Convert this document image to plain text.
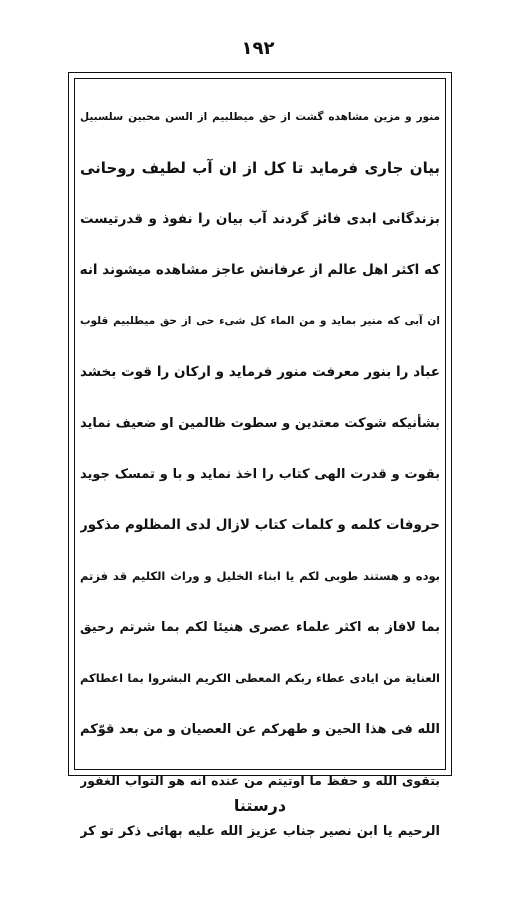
۱۹۲
منور و مزین مشاهده گشت از حق میطلبیم از السن محبین سلسبیل
بیان جاری فرماید تا کل از ان آب لطیف روحانی
بزندگانی ابدی فائز گردند آب بیان را نفوذ و قدرتیست
که اکثر اهل عالم از عرفانش عاجز مشاهده میشوند انه
ان آبی که منیر بماید و من الماء کل شیء حی از حق میطلبیم قلوب
عباد را بنور معرفت منور فرماید و ارکان را قوت بخشد
بشأنیکه شوکت معتدین و سطوت ظالمین او ضعیف نماید
بقوت و قدرت الهی کتاب را اخذ نماید و با و تمسک جوید
حروفات کلمه و کلمات کتاب لازال لدی المظلوم مذکور
بوده و هستند طوبی لکم یا ابناء الخلیل و وراث الکلیم قد فزتم
بما لافاز به اکثر علماء عصری هنیئا لکم بما شرتم رحیق
العنایة من ایادی عطاء ربکم المعطی الکریم البشروا بما اعطاکم
الله فی هذا الحین و طهرکم عن العصیان و من بعد قوّکم
بتقوی الله و حفظ ما اوتیتم من عنده انه هو التواب الغفور
الرحیم یا ابن نصیر جناب عزیز الله علیه بهائی ذکر تو کر
درستنا
